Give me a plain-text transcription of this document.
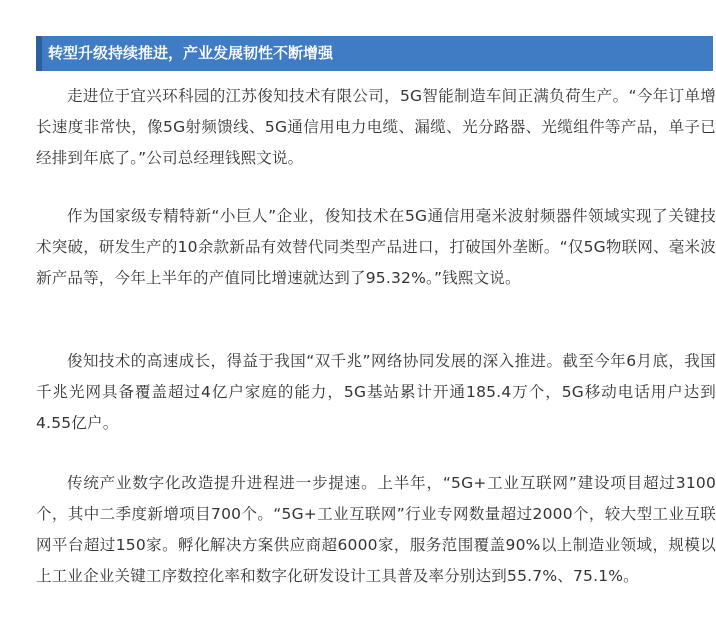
转型升级持续推进，产业发展韧性不断增强

走进位于宜兴环科园的江苏俊知技术有限公司，5G智能制造车间正满负荷生产。“今年订单增长速度非常快，像5G射频馈线、5G通信用电力电缆、漏缆、光分路器、光缆组件等产品，单子已经排到年底了。”公司总经理钱熙文说。

作为国家级专精特新“小巨人”企业，俊知技术在5G通信用毫米波射频器件领域实现了关键技术突破，研发生产的10余款新品有效替代同类型产品进口，打破国外垄断。“仅5G物联网、毫米波新产品等，今年上半年的产值同比增速就达到了95.32%。”钱熙文说。

俊知技术的高速成长，得益于我国“双千兆”网络协同发展的深入推进。截至今年6月底，我国千兆光网具备覆盖超过4亿户家庭的能力，5G基站累计开通185.4万个，5G移动电话用户达到4.55亿户。

传统产业数字化改造提升进程进一步提速。上半年，“5G+工业互联网”建设项目超过3100个，其中二季度新增项目700个。“5G+工业互联网”行业专网数量超过2000个，较大型工业互联网平台超过150家。孵化解决方案供应商超6000家，服务范围覆盖90%以上制造业领域，规模以上工业企业关键工序数控化率和数字化研发设计工具普及率分别达到55.7%、75.1%。
